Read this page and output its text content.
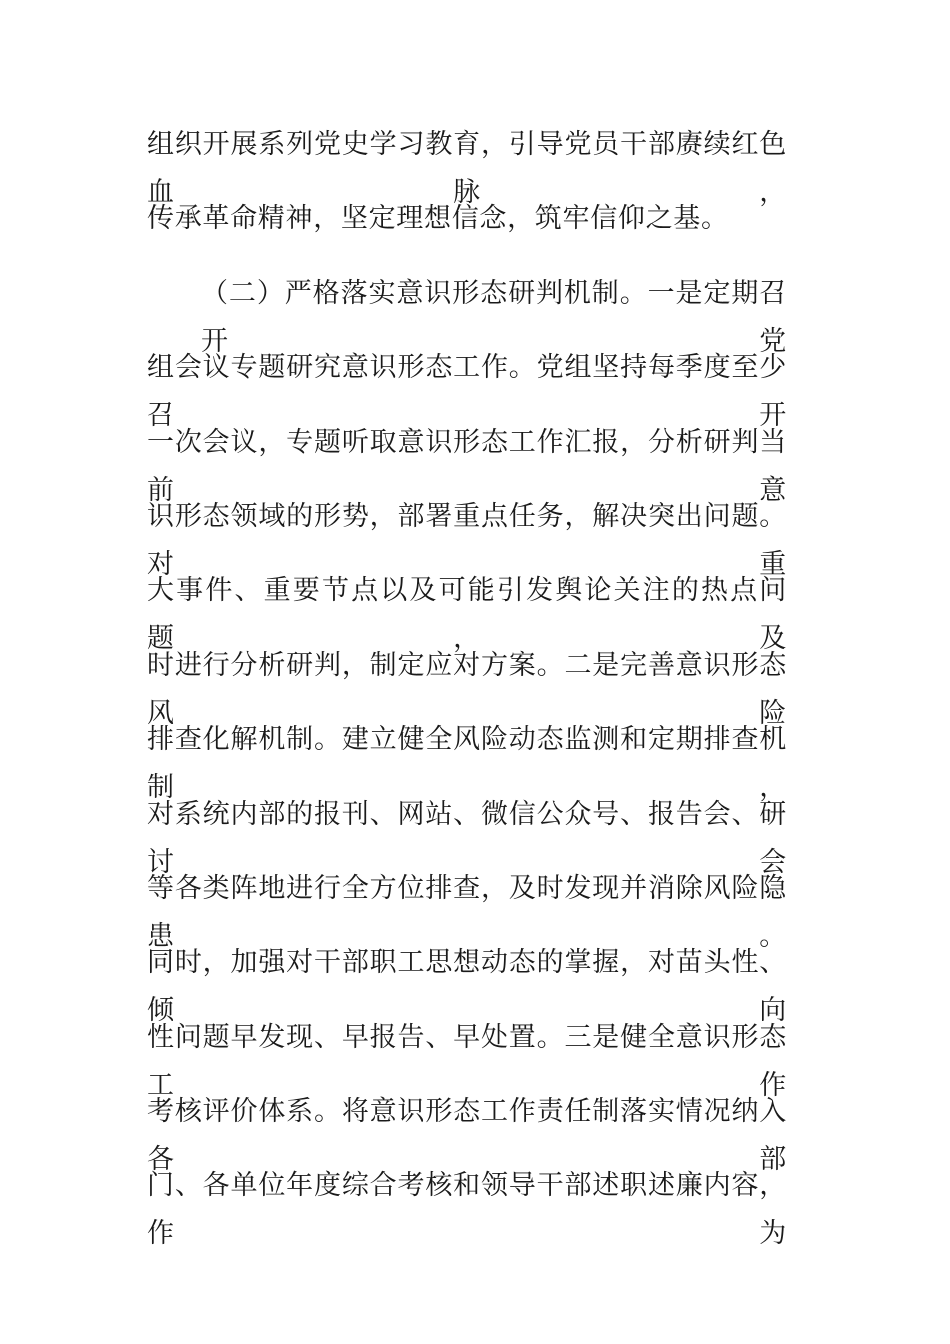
组织开展系列党史学习教育，引导党员干部赓续红色血脉，
传承革命精神，坚定理想信念，筑牢信仰之基。
（二）严格落实意识形态研判机制。一是定期召开党
组会议专题研究意识形态工作。党组坚持每季度至少召开
一次会议，专题听取意识形态工作汇报，分析研判当前意
识形态领域的形势，部署重点任务，解决突出问题。对重
大事件、重要节点以及可能引发舆论关注的热点问题，及
时进行分析研判，制定应对方案。二是完善意识形态风险
排查化解机制。建立健全风险动态监测和定期排查机制，
对系统内部的报刊、网站、微信公众号、报告会、研讨会
等各类阵地进行全方位排查，及时发现并消除风险隐患。
同时，加强对干部职工思想动态的掌握，对苗头性、倾向
性问题早发现、早报告、早处置。三是健全意识形态工作
考核评价体系。将意识形态工作责任制落实情况纳入各部
门、各单位年度综合考核和领导干部述职述廉内容，作为
